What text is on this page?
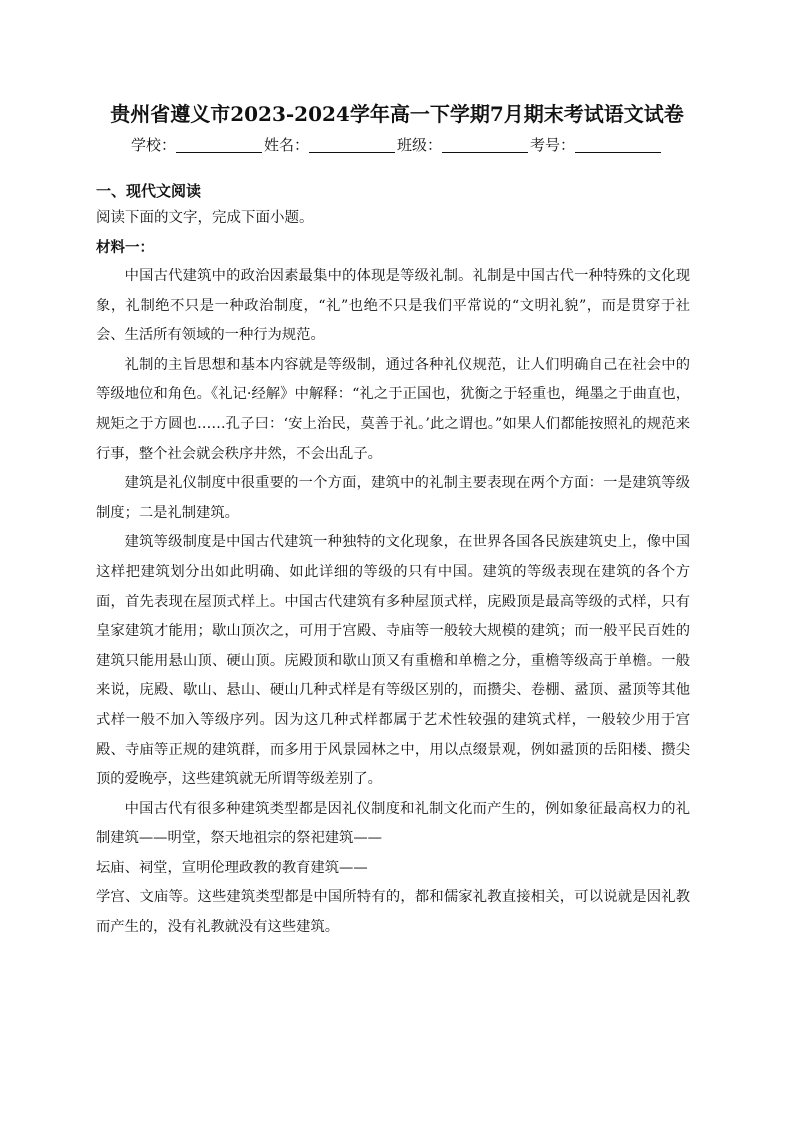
贵州省遵义市2023-2024学年高一下学期7月期末考试语文试卷
学校：	姓名：	班级：	考号：
一、现代文阅读
阅读下面的文字，完成下面小题。
材料一：

中国古代建筑中的政治因素最集中的体现是等级礼制。礼制是中国古代一种特殊的文化现象，礼制绝不只是一种政治制度，“礼”也绝不只是我们平常说的“文明礼貌”，而是贯穿于社会、生活所有领域的一种行为规范。

礼制的主旨思想和基本内容就是等级制，通过各种礼仪规范，让人们明确自己在社会中的等级地位和角色。《礼记·经解》中解释：“礼之于正国也，犹衡之于轻重也，绳墨之于曲直也，规矩之于方圆也……孔子曰：‘安上治民，莫善于礼。’此之谓也。”如果人们都能按照礼的规范来行事，整个社会就会秩序井然，不会出乱子。

建筑是礼仪制度中很重要的一个方面，建筑中的礼制主要表现在两个方面：一是建筑等级制度；二是礼制建筑。

建筑等级制度是中国古代建筑一种独特的文化现象，在世界各国各民族建筑史上，像中国这样把建筑划分出如此明确、如此详细的等级的只有中国。建筑的等级表现在建筑的各个方面，首先表现在屋顶式样上。中国古代建筑有多种屋顶式样，庑殿顶是最高等级的式样，只有皇家建筑才能用；歇山顶次之，可用于宫殿、寺庙等一般较大规模的建筑；而一般平民百姓的建筑只能用悬山顶、硬山顶。庑殿顶和歇山顶又有重檐和单檐之分，重檐等级高于单檐。一般来说，庑殿、歇山、悬山、硬山几种式样是有等级区别的，而攒尖、卷棚、盝顶、盝顶等其他式样一般不加入等级序列。因为这几种式样都属于艺术性较强的建筑式样，一般较少用于宫殿、寺庙等正规的建筑群，而多用于风景园林之中，用以点缀景观，例如盝顶的岳阳楼、攒尖顶的爱晚亭，这些建筑就无所谓等级差别了。

中国古代有很多种建筑类型都是因礼仪制度和礼制文化而产生的，例如象征最高权力的礼制建筑——明堂，祭天地祖宗的祭祀建筑——

坛庙、祠堂，宣明伦理政教的教育建筑——

学宫、文庙等。这些建筑类型都是中国所特有的，都和儒家礼教直接相关，可以说就是因礼教而产生的，没有礼教就没有这些建筑。
